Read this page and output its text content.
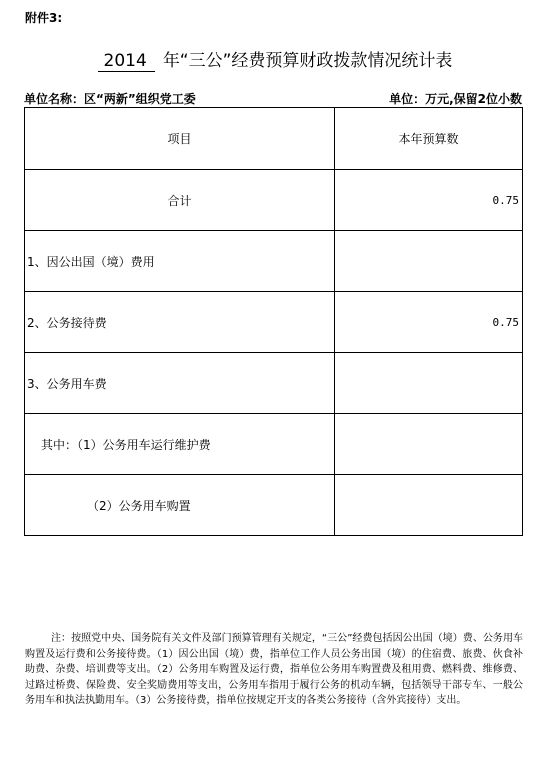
附件3:
2014 年“三公”经费预算财政拨款情况统计表
单位名称：区“两新”组织党工委	单位：万元,保留2位小数
项目	本年预算数
合计	0.75
1、因公出国（境）费用	
2、公务接待费	0.75
3、公务用车费	
其中：（1）公务用车运行维护费	
（2）公务用车购置	
注：按照党中央、国务院有关文件及部门预算管理有关规定，“三公”经费包括因公出国（境）费、公务用车购置及运行费和公务接待费。（1）因公出国（境）费，指单位工作人员公务出国（境）的住宿费、旅费、伙食补助费、杂费、培训费等支出。（2）公务用车购置及运行费，指单位公务用车购置费及租用费、燃料费、维修费、过路过桥费、保险费、安全奖励费用等支出，公务用车指用于履行公务的机动车辆，包括领导干部专车、一般公务用车和执法执勤用车。（3）公务接待费，指单位按规定开支的各类公务接待（含外宾接待）支出。
